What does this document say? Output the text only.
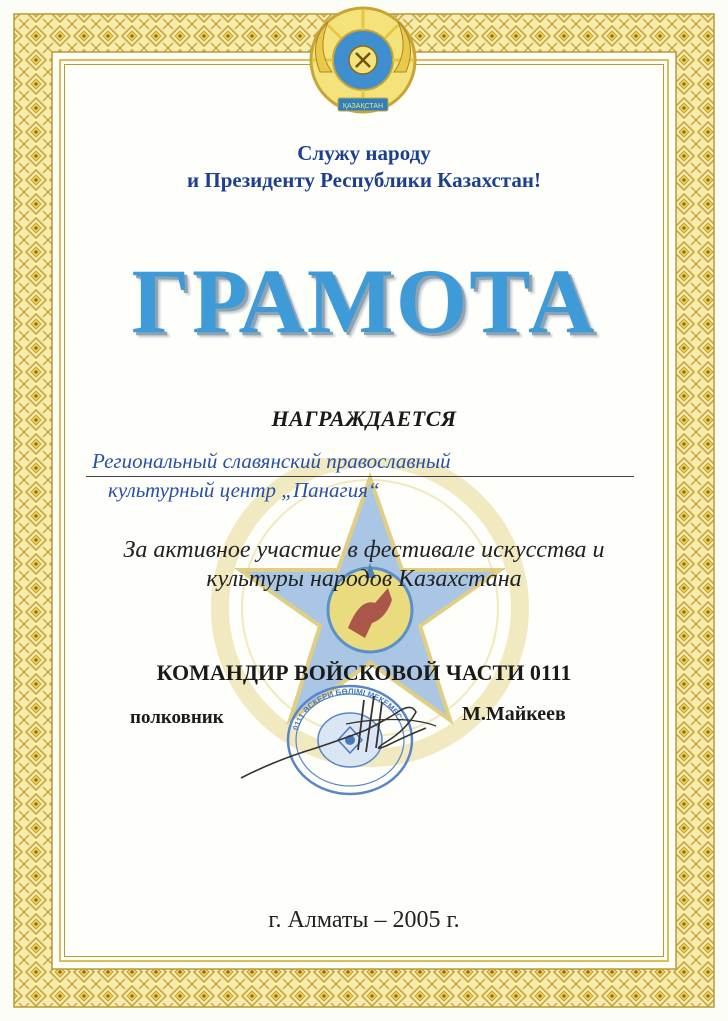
ҚАЗАҚСТАН
Служу народу
и Президенту Республики Казахстан!
ГРАМОТА
НАГРАЖДАЕТСЯ
Региональный славянский православный
культурный центр „Панагия“
За активное участие в фестивале искусства и
культуры народов Казахстана
КОМАНДИР ВОЙСКОВОЙ ЧАСТИ 0111
0111 ӘСКЕРИ БӨЛІМІ МЕКЕМЕСІ
полковник	М.Майкеев
г. Алматы – 2005 г.
